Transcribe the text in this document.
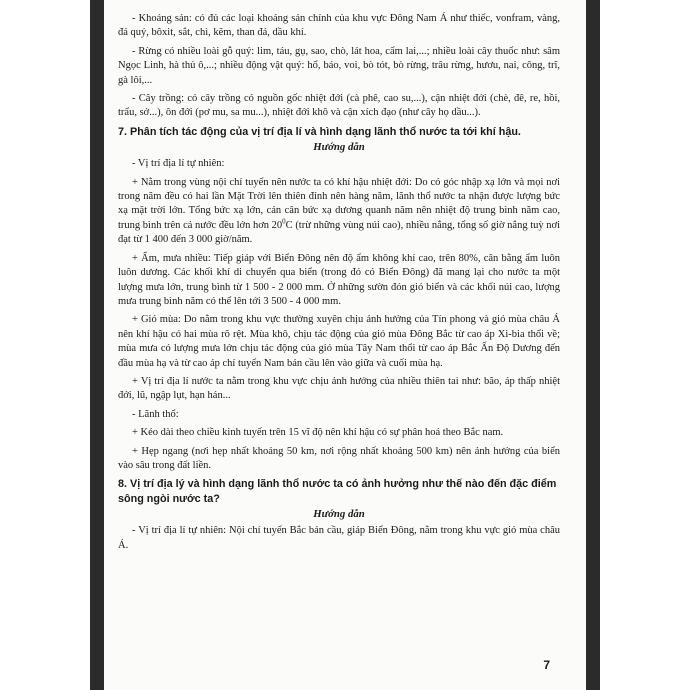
- Khoáng sản: có đủ các loại khoáng sản chính của khu vực Đông Nam Á như thiếc, vonfram, vàng, đá quý, bôxit, sắt, chì, kẽm, than đá, dầu khí.

- Rừng có nhiều loài gỗ quý: lim, táu, gụ, sao, chò, lát hoa, cẩm lai,...; nhiều loài cây thuốc như: sâm Ngọc Linh, hà thủ ô,...; nhiều động vật quý: hổ, báo, voi, bò tót, bò rừng, trâu rừng, hươu, nai, công, trĩ, gà lôi,...

- Cây trồng: có cây trồng có nguồn gốc nhiệt đới (cà phê, cao su,...), cận nhiệt đới (chè, đê, re, hồi, trẩu, sở...), ôn đới (pơ mu, sa mu...), nhiệt đới khô và cận xích đạo (như cây họ dầu...).

7. Phân tích tác động của vị trí địa lí và hình dạng lãnh thổ nước ta tới khí hậu.
Hướng dẫn

- Vị trí địa lí tự nhiên:

+ Nằm trong vùng nội chí tuyến nên nước ta có khí hậu nhiệt đới: Do có góc nhập xạ lớn và mọi nơi trong năm đều có hai lần Mặt Trời lên thiên đỉnh nên hàng năm, lãnh thổ nước ta nhận được lượng bức xạ mặt trời lớn. Tổng bức xạ lớn, cán cân bức xạ dương quanh năm nên nhiệt độ trung bình năm cao, trung bình trên cả nước đều lớn hơn $20^0C$ (trừ những vùng núi cao), nhiều nắng, tổng số giờ nắng tuỳ nơi đạt từ 1 400 đến 3 000 giờ/năm.

+ Ẩm, mưa nhiều: Tiếp giáp với Biển Đông nên độ ẩm không khí cao, trên 80%, cân bằng ẩm luôn luôn dương. Các khối khí di chuyển qua biển (trong đó có Biển Đông) đã mang lại cho nước ta một lượng mưa lớn, trung bình từ 1 500 - 2 000 mm. Ở những sườn đón gió biển và các khối núi cao, lượng mưa trung bình năm có thể lên tới 3 500 - 4 000 mm.

+ Gió mùa: Do nằm trong khu vực thường xuyên chịu ảnh hưởng của Tín phong và gió mùa châu Á nên khí hậu có hai mùa rõ rệt. Mùa khô, chịu tác động của gió mùa Đông Bắc từ cao áp Xi-bia thổi về; mùa mưa có lượng mưa lớn chịu tác động của gió mùa Tây Nam thổi từ cao áp Bắc Ấn Độ Dương đến đầu mùa hạ và từ cao áp chí tuyến Nam bán cầu lên vào giữa và cuối mùa hạ.

+ Vị trí địa lí nước ta nằm trong khu vực chịu ảnh hưởng của nhiều thiên tai như: bão, áp thấp nhiệt đới, lũ, ngập lụt, hạn hán...

- Lãnh thổ:

+ Kéo dài theo chiều kinh tuyến trên 15 vĩ độ nên khí hậu có sự phân hoá theo Bắc nam.

+ Hẹp ngang (nơi hẹp nhất khoảng 50 km, nơi rộng nhất khoảng 500 km) nên ảnh hưởng của biển vào sâu trong đất liền.

8. Vị trí địa lý và hình dạng lãnh thổ nước ta có ảnh hưởng như thế nào đến đặc điểm sông ngòi nước ta?
Hướng dẫn

- Vị trí địa lí tự nhiên: Nội chí tuyến Bắc bán cầu, giáp Biển Đông, nằm trong khu vực gió mùa châu Á.

7
